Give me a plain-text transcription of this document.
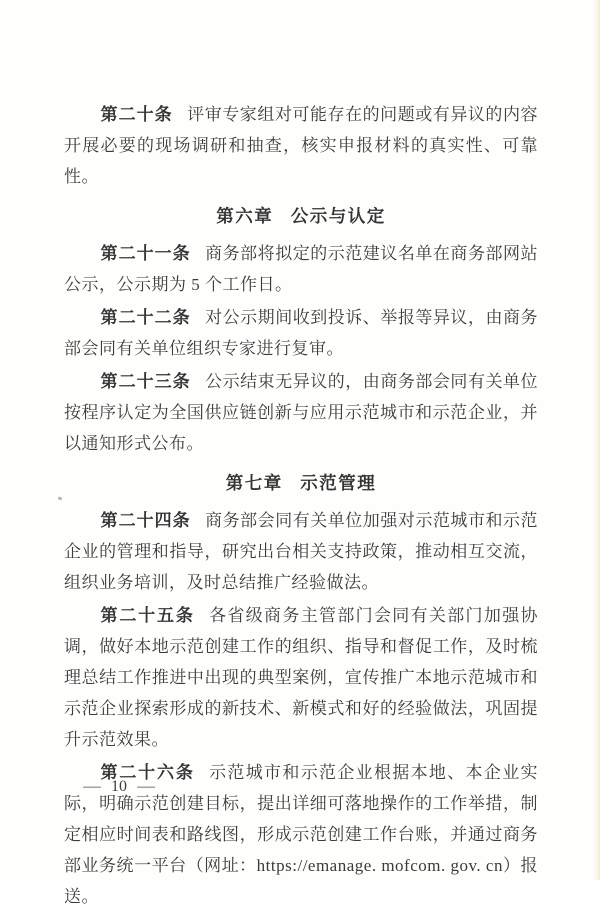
第二十条 评审专家组对可能存在的问题或有异议的内容开展必要的现场调研和抽查，核实申报材料的真实性、可靠性。

第六章 公示与认定

第二十一条 商务部将拟定的示范建议名单在商务部网站公示，公示期为 5 个工作日。

第二十二条 对公示期间收到投诉、举报等异议，由商务部会同有关单位组织专家进行复审。

第二十三条 公示结束无异议的，由商务部会同有关单位按程序认定为全国供应链创新与应用示范城市和示范企业，并以通知形式公布。

第七章 示范管理

第二十四条 商务部会同有关单位加强对示范城市和示范企业的管理和指导，研究出台相关支持政策，推动相互交流，组织业务培训，及时总结推广经验做法。

第二十五条 各省级商务主管部门会同有关部门加强协调，做好本地示范创建工作的组织、指导和督促工作，及时梳理总结工作推进中出现的典型案例，宣传推广本地示范城市和示范企业探索形成的新技术、新模式和好的经验做法，巩固提升示范效果。

第二十六条 示范城市和示范企业根据本地、本企业实际，明确示范创建目标，提出详细可落地操作的工作举措，制定相应时间表和路线图，形成示范创建工作台账，并通过商务部业务统一平台（网址：https://emanage. mofcom. gov. cn）报送。

— 10 —
